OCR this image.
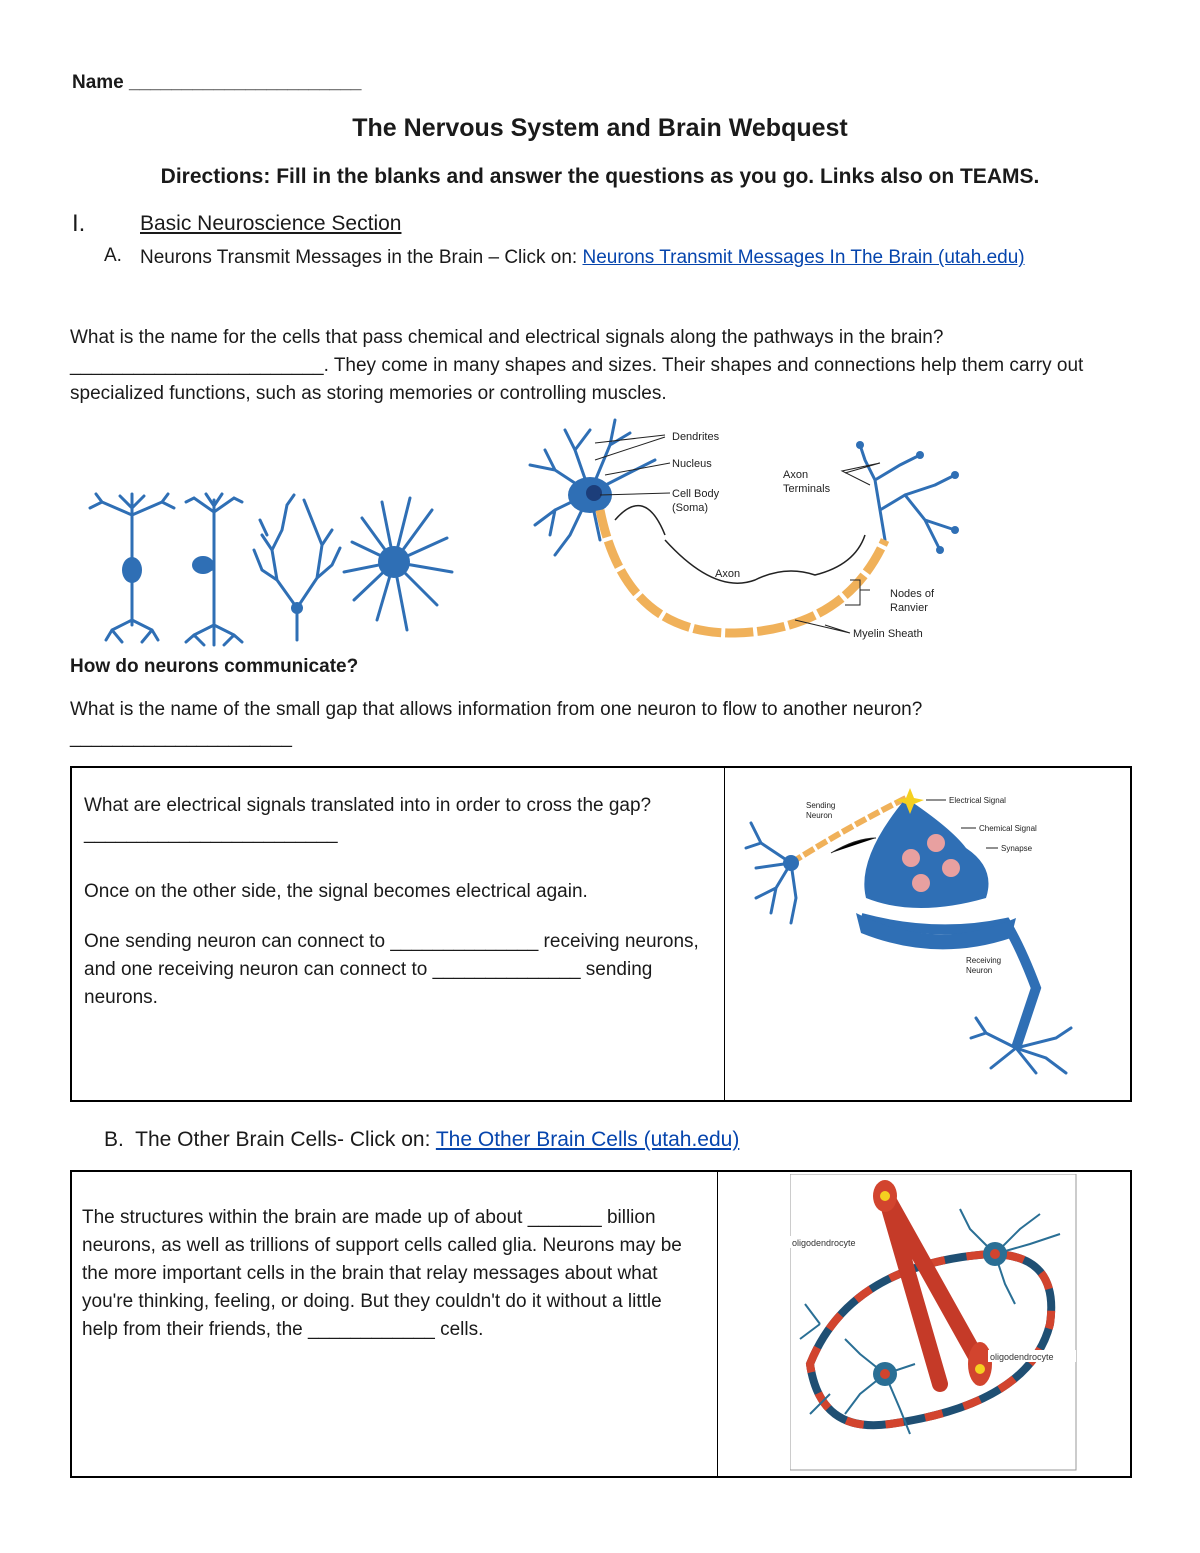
Name ______________________
The Nervous System and Brain Webquest
Directions: Fill in the blanks and answer the questions as you go. Links also on TEAMS.
I.	Basic Neuroscience Section
A. Neurons Transmit Messages in the Brain – Click on: Neurons Transmit Messages In The Brain (utah.edu)
What is the name for the cells that pass chemical and electrical signals along the pathways in the brain? ________________________. They come in many shapes and sizes. Their shapes and connections help them carry out specialized functions, such as storing memories or controlling muscles.
Dendrites
Nucleus
Cell Body
(Soma)
Axon
Terminals
Axon
Nodes of
Ranvier
Myelin Sheath
How do neurons communicate?
What is the name of the small gap that allows information from one neuron to flow to another neuron? _____________________
What are electrical signals translated into in order to cross the gap? ________________________
Once on the other side, the signal becomes electrical again.
One sending neuron can connect to ______________ receiving neurons, and one receiving neuron can connect to ______________ sending neurons.
Sending
Neuron
Electrical Signal
Chemical Signal
Synapse
Receiving
Neuron
B. The Other Brain Cells- Click on: The Other Brain Cells (utah.edu)
The structures within the brain are made up of about _______ billion neurons, as well as trillions of support cells called glia. Neurons may be the more important cells in the brain that relay messages about what you're thinking, feeling, or doing. But they couldn't do it without a little help from their friends, the ____________ cells.
oligodendrocyte
oligodendrocyte
